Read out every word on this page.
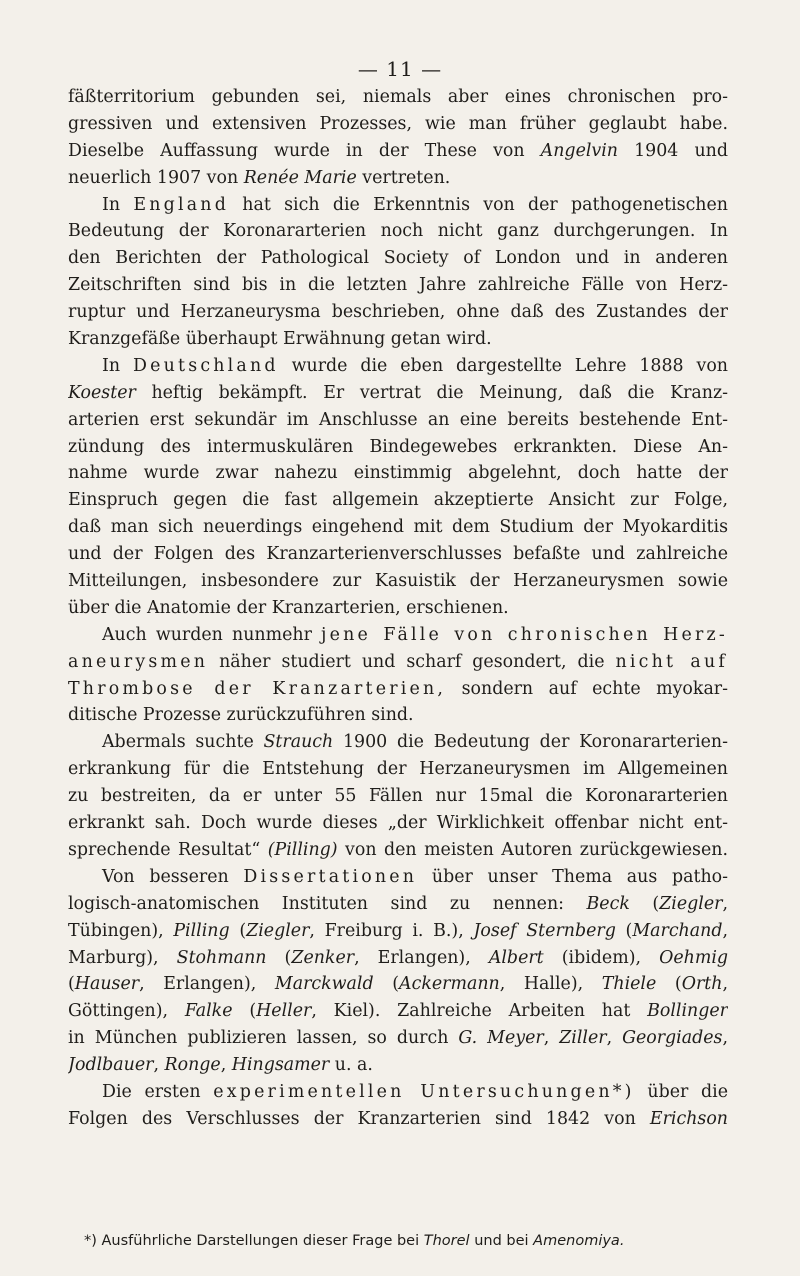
— 11 —
fäßterritorium gebunden sei, niemals aber eines chronischen pro-
gressiven und extensiven Prozesses, wie man früher geglaubt habe.
Dieselbe Auffassung wurde in der These von Angelvin 1904 und
neuerlich 1907 von Renée Marie vertreten.
In England hat sich die Erkenntnis von der pathogenetischen
Bedeutung der Koronararterien noch nicht ganz durchgerungen. In
den Berichten der Pathological Society of London und in anderen
Zeitschriften sind bis in die letzten Jahre zahlreiche Fälle von Herz-
ruptur und Herzaneurysma beschrieben, ohne daß des Zustandes der
Kranzgefäße überhaupt Erwähnung getan wird.
In Deutschland wurde die eben dargestellte Lehre 1888 von
Koester heftig bekämpft. Er vertrat die Meinung, daß die Kranz-
arterien erst sekundär im Anschlusse an eine bereits bestehende Ent-
zündung des intermuskulären Bindegewebes erkrankten. Diese An-
nahme wurde zwar nahezu einstimmig abgelehnt, doch hatte der
Einspruch gegen die fast allgemein akzeptierte Ansicht zur Folge,
daß man sich neuerdings eingehend mit dem Studium der Myokarditis
und der Folgen des Kranzarterienverschlusses befaßte und zahlreiche
Mitteilungen, insbesondere zur Kasuistik der Herzaneurysmen sowie
über die Anatomie der Kranzarterien, erschienen.
Auch wurden nunmehr jene Fälle von chronischen Herz-
aneurysmen näher studiert und scharf gesondert, die nicht auf
Thrombose der Kranzarterien, sondern auf echte myokar-
ditische Prozesse zurückzuführen sind.
Abermals suchte Strauch 1900 die Bedeutung der Koronararterien-
erkrankung für die Entstehung der Herzaneurysmen im Allgemeinen
zu bestreiten, da er unter 55 Fällen nur 15mal die Koronararterien
erkrankt sah. Doch wurde dieses „der Wirklichkeit offenbar nicht ent-
sprechende Resultat“ (Pilling) von den meisten Autoren zurückgewiesen.
Von besseren Dissertationen über unser Thema aus patho-
logisch-anatomischen Instituten sind zu nennen: Beck (Ziegler,
Tübingen), Pilling (Ziegler, Freiburg i. B.), Josef Sternberg (Marchand,
Marburg), Stohmann (Zenker, Erlangen), Albert (ibidem), Oehmig
(Hauser, Erlangen), Marckwald (Ackermann, Halle), Thiele (Orth,
Göttingen), Falke (Heller, Kiel). Zahlreiche Arbeiten hat Bollinger
in München publizieren lassen, so durch G. Meyer, Ziller, Georgiades,
Jodlbauer, Ronge, Hingsamer u. a.
Die ersten experimentellen Untersuchungen*) über die
Folgen des Verschlusses der Kranzarterien sind 1842 von Erichson
*) Ausführliche Darstellungen dieser Frage bei Thorel und bei Amenomiya.
